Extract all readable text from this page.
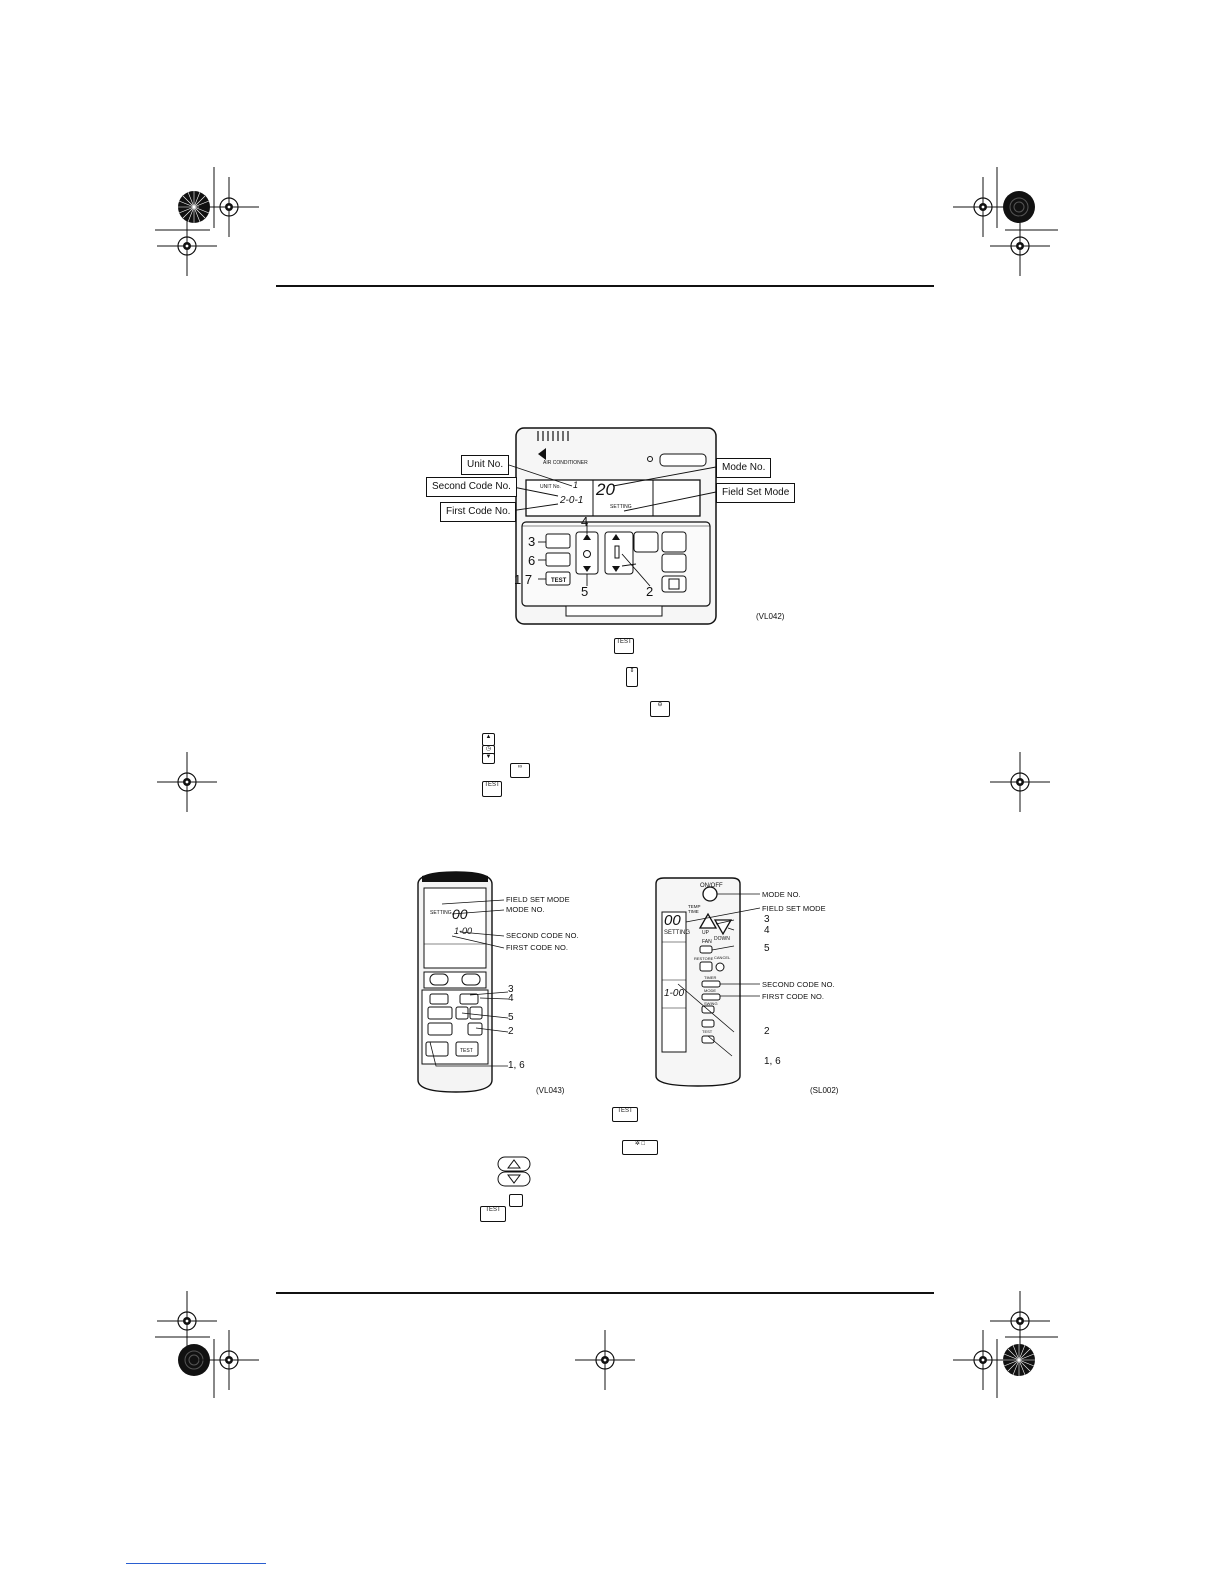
AIR CONDITIONER
UNIT No. 1
2-0-1
20
SETTING
TEST
Unit No.
Second Code No.
First Code No.
Mode No.
Field Set Mode
4
3
6
1 7
5	2
(VL042)
TEST
⇕
⊖
▲
◷
▼
∞
TEST
SETTING 00
1-00
FIELD SET MODE
MODE NO.
SECOND CODE NO.
FIRST CODE NO.
3
4
5
2
1, 6
TEST
(VL043)
ON/OFF
TEMP TIME
00
SETTING
1-00
UP
DOWN
FAN
RESTORE CANCEL
TIMER
MODE
SWING
TEST
MODE NO.
FIELD SET MODE
3
4
5
SECOND CODE NO.
FIRST CODE NO.
2
1, 6
(SL002)
TEST
✲ □
TEST
